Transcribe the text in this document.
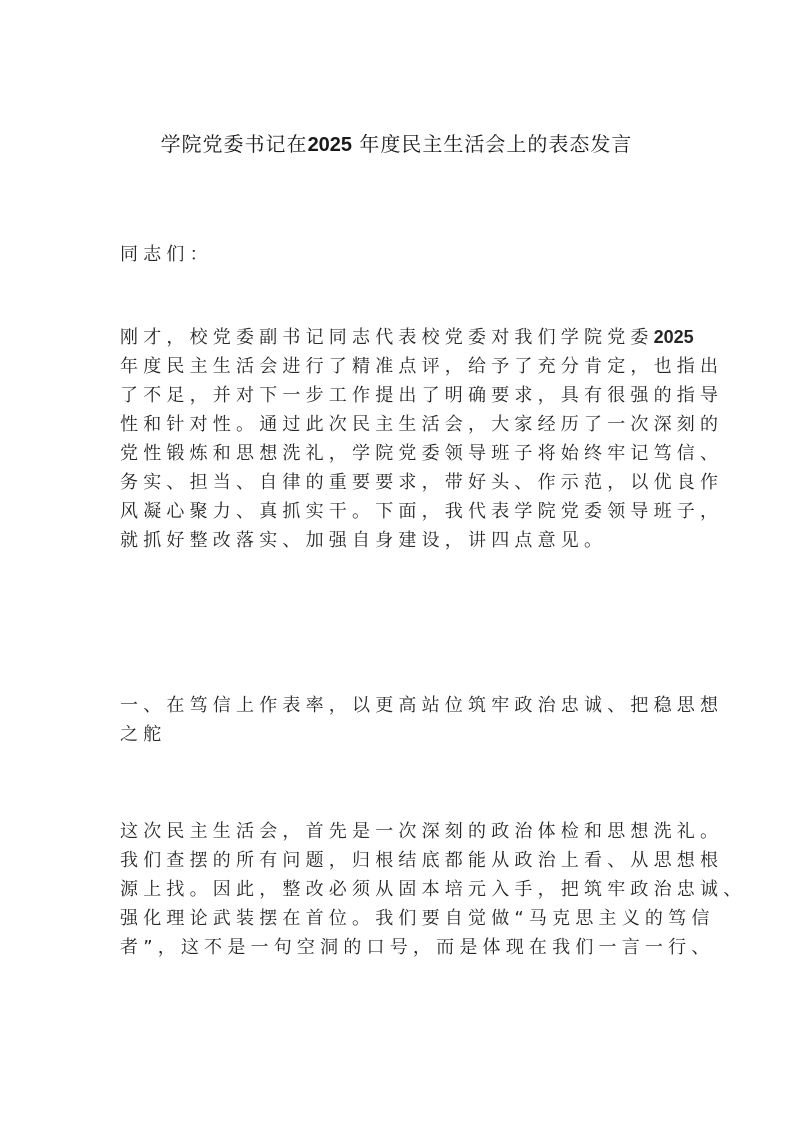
学院党委书记在2025 年度民主生活会上的表态发言
同志们：
刚才，校党委副书记同志代表校党委对我们学院党委2025
年度民主生活会进行了精准点评，给予了充分肯定，也指出
了不足，并对下一步工作提出了明确要求，具有很强的指导
性和针对性。通过此次民主生活会，大家经历了一次深刻的
党性锻炼和思想洗礼，学院党委领导班子将始终牢记笃信、
务实、担当、自律的重要要求，带好头、作示范，以优良作
风凝心聚力、真抓实干。下面，我代表学院党委领导班子，
就抓好整改落实、加强自身建设，讲四点意见。
一、在笃信上作表率，以更高站位筑牢政治忠诚、把稳思想
之舵
这次民主生活会，首先是一次深刻的政治体检和思想洗礼。
我们查摆的所有问题，归根结底都能从政治上看、从思想根
源上找。因此，整改必须从固本培元入手，把筑牢政治忠诚、
强化理论武装摆在首位。我们要自觉做“马克思主义的笃信
者”，这不是一句空洞的口号，而是体现在我们一言一行、
